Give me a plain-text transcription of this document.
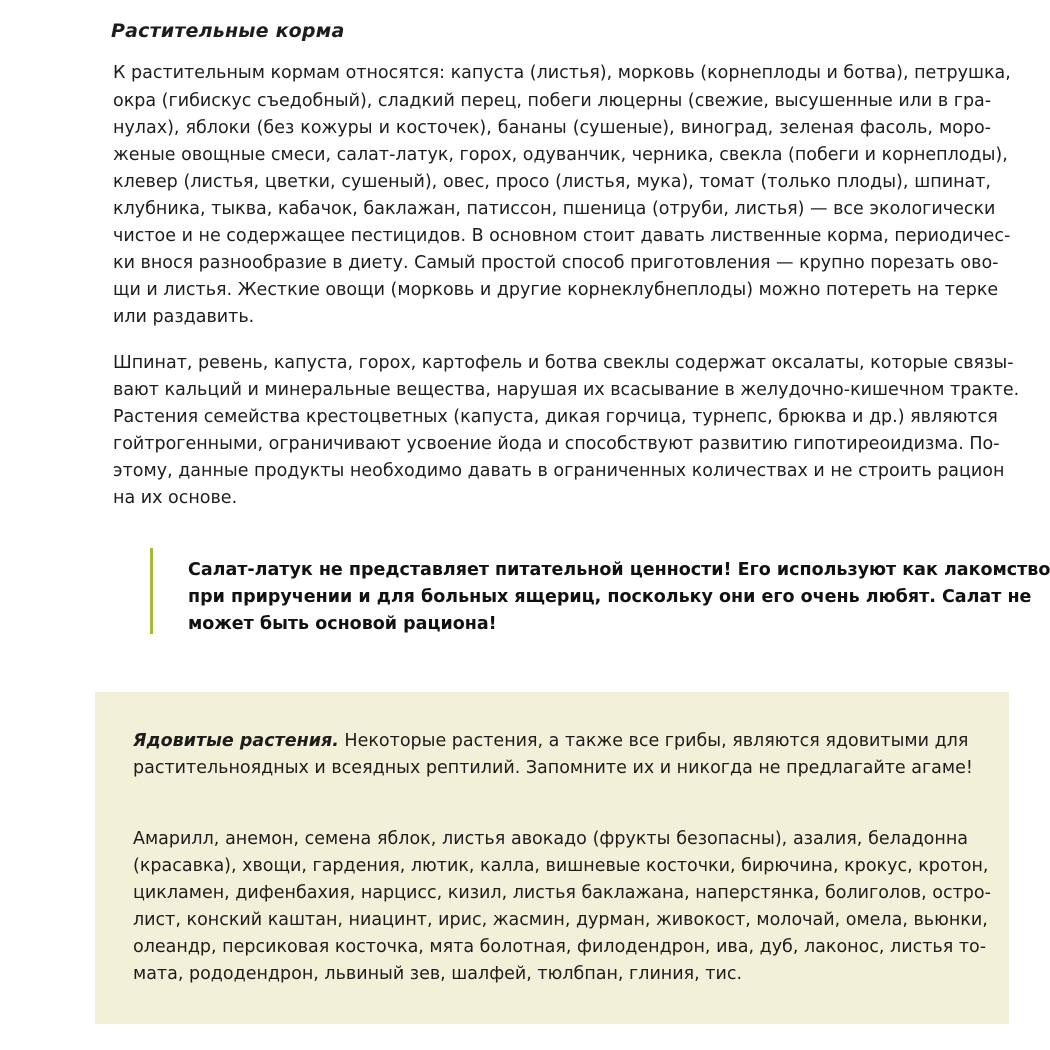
Растительные корма

К растительным кормам относятся: капуста (листья), морковь (корнеплоды и ботва), петрушка,

окра (гибискус съедобный), сладкий перец, побеги люцерны (свежие, высушенные или в гра-

нулах), яблоки (без кожуры и косточек), бананы (сушеные), виноград, зеленая фасоль, моро-

женые овощные смеси, салат-латук, горох, одуванчик, черника, свекла (побеги и корнеплоды),

клевер (листья, цветки, сушеный), овес, просо (листья, мука), томат (только плоды), шпинат,

клубника, тыква, кабачок, баклажан, патиссон, пшеница (отруби, листья) — все экологически

чистое и не содержащее пестицидов. В основном стоит давать лиственные корма, периодичес-

ки внося разнообразие в диету. Самый простой способ приготовления — крупно порезать ово-

щи и листья. Жесткие овощи (морковь и другие корнеклубнеплоды) можно потереть на терке

или раздавить.

Шпинат, ревень, капуста, горох, картофель и ботва свеклы содержат оксалаты, которые связы-

вают кальций и минеральные вещества, нарушая их всасывание в желудочно-кишечном тракте.

Растения семейства крестоцветных (капуста, дикая горчица, турнепс, брюква и др.) являются

гойтрогенными, ограничивают усвоение йода и способствуют развитию гипотиреоидизма. По-

этому, данные продукты необходимо давать в ограниченных количествах и не строить рацион

на их основе.

Салат-латук не представляет питательной ценности! Его используют как лакомство

при приручении и для больных ящериц, поскольку они его очень любят. Салат не

может быть основой рациона!

Ядовитые растения. Некоторые растения, а также все грибы, являются ядовитыми для

растительноядных и всеядных рептилий. Запомните их и никогда не предлагайте агаме!

Амарилл, анемон, семена яблок, листья авокадо (фрукты безопасны), азалия, беладонна

(красавка), хвощи, гардения, лютик, калла, вишневые косточки, бирючина, крокус, кротон,

цикламен, дифенбахия, нарцисс, кизил, листья баклажана, наперстянка, болиголов, остро-

лист, конский каштан, ниацинт, ирис, жасмин, дурман, живокост, молочай, омела, вьюнки,

олеандр, персиковая косточка, мята болотная, филодендрон, ива, дуб, лаконос, листья то-

мата, рододендрон, львиный зев, шалфей, тюлбпан, глиния, тис.
